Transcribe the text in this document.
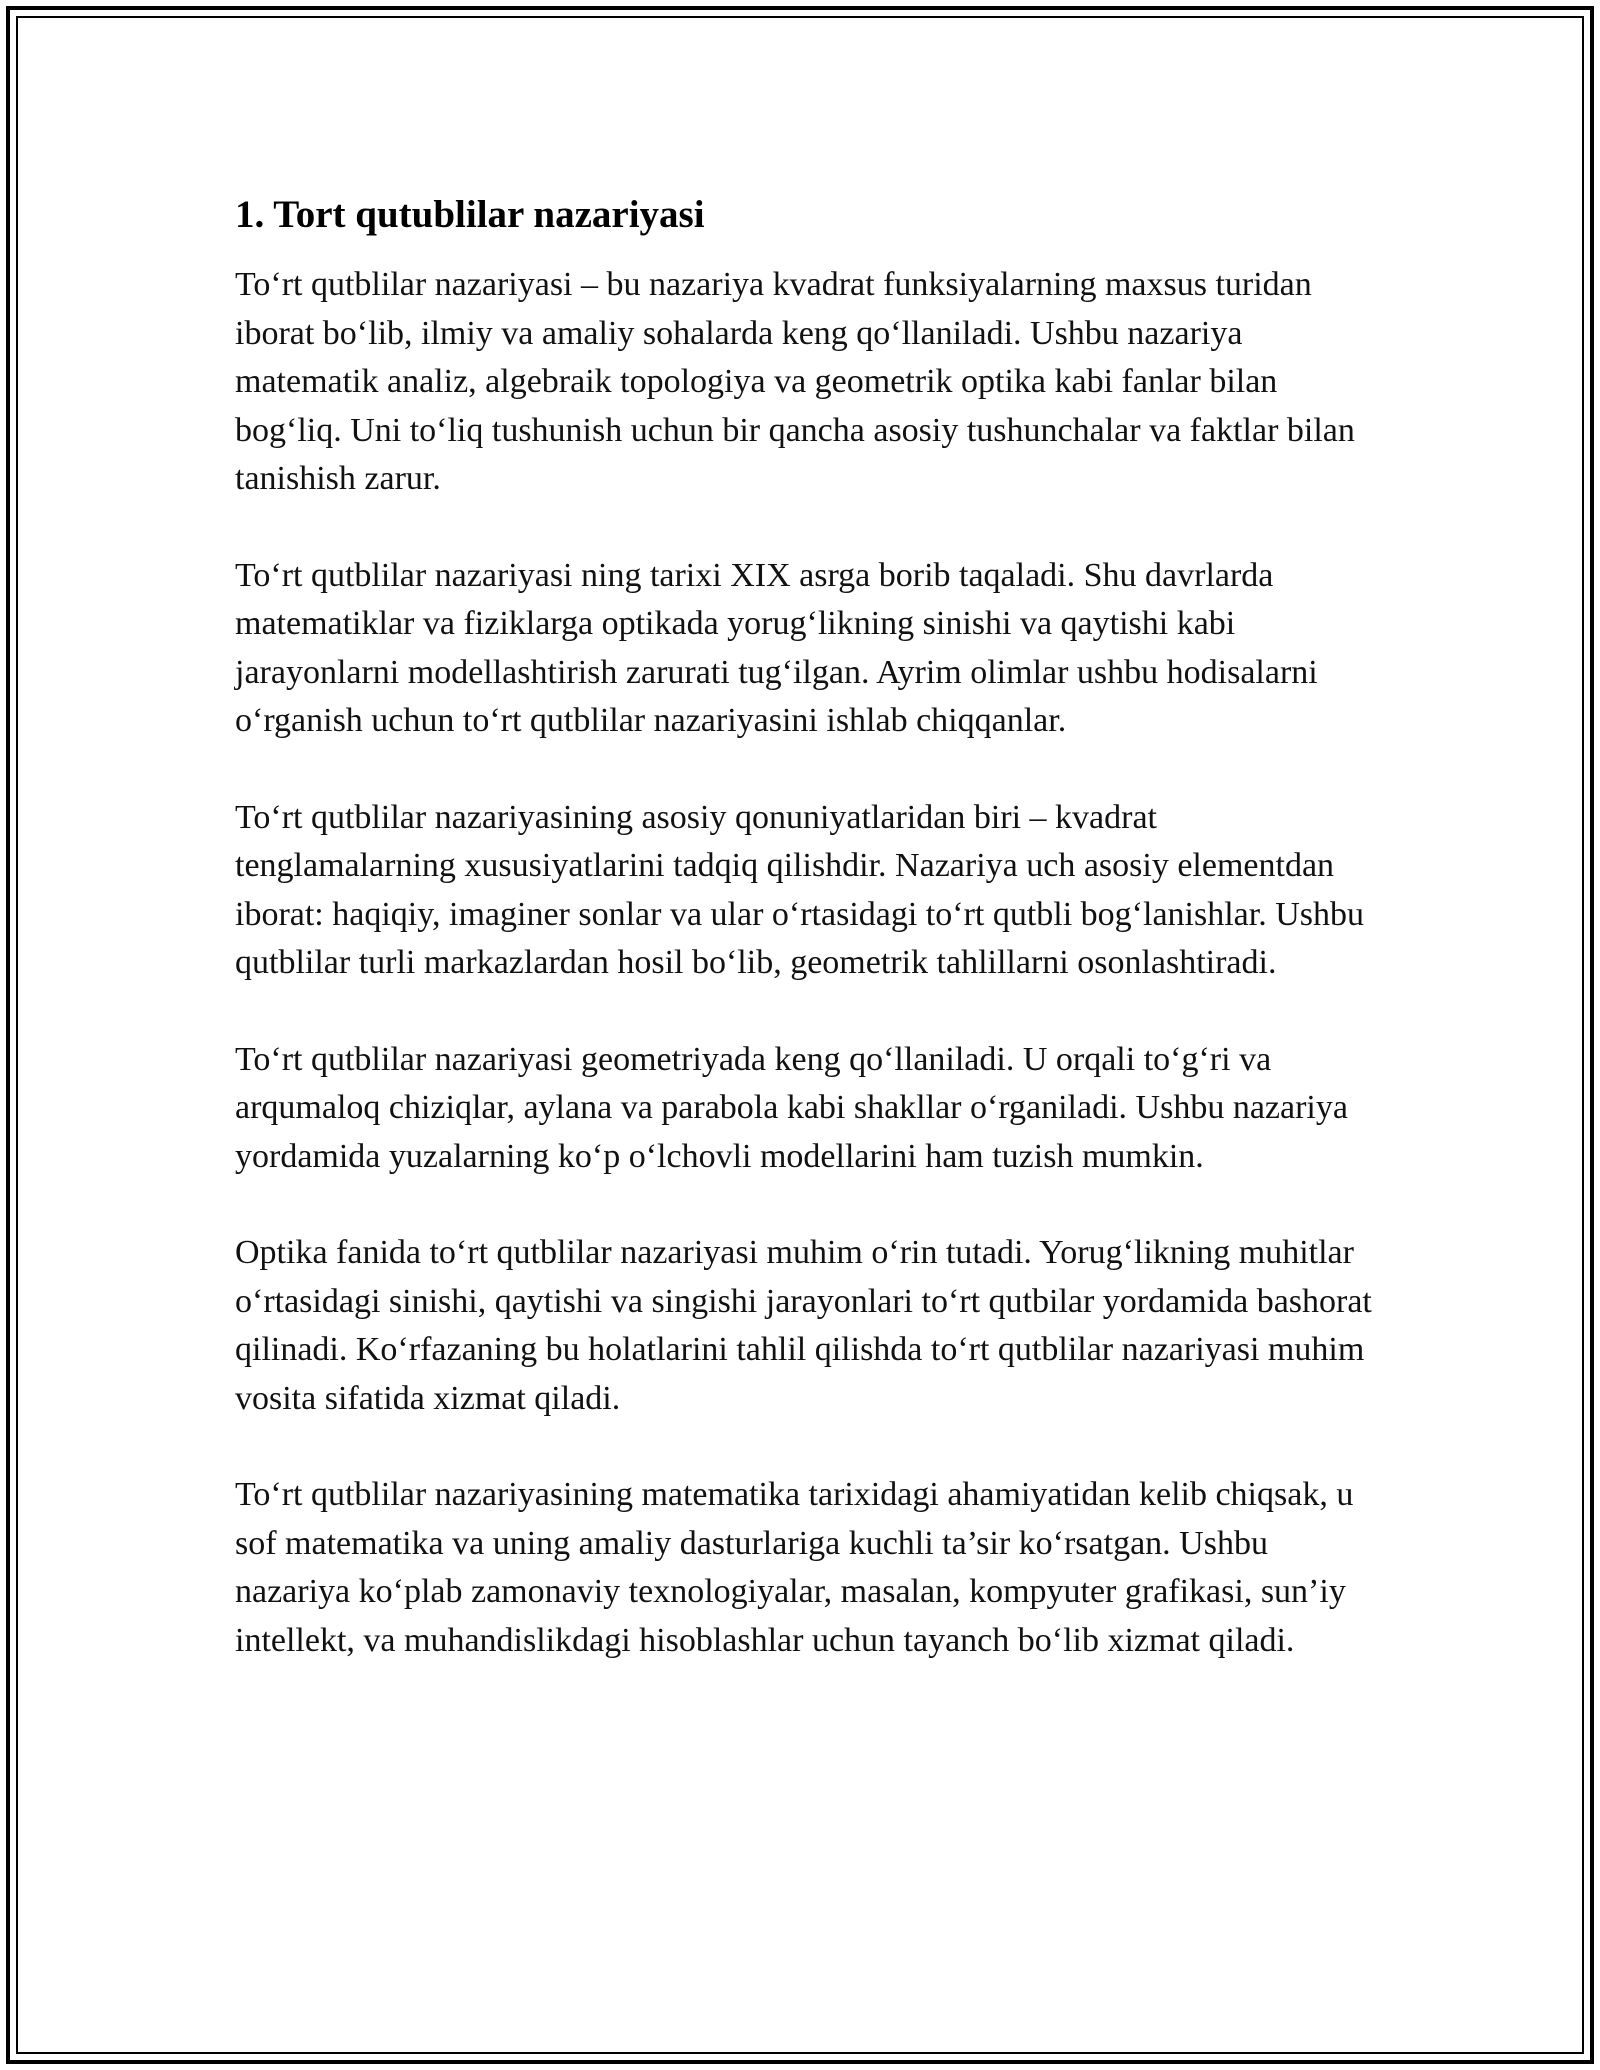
1. Tort qutublilar nazariyasi

To‘rt qutblilar nazariyasi – bu nazariya kvadrat funksiyalarning maxsus turidan iborat bo‘lib, ilmiy va amaliy sohalarda keng qo‘llaniladi. Ushbu nazariya matematik analiz, algebraik topologiya va geometrik optika kabi fanlar bilan bog‘liq. Uni to‘liq tushunish uchun bir qancha asosiy tushunchalar va faktlar bilan tanishish zarur.

To‘rt qutblilar nazariyasi ning tarixi XIX asrga borib taqaladi. Shu davrlarda matematiklar va fiziklarga optikada yorug‘likning sinishi va qaytishi kabi jarayonlarni modellashtirish zarurati tug‘ilgan. Ayrim olimlar ushbu hodisalarni o‘rganish uchun to‘rt qutblilar nazariyasini ishlab chiqqanlar.

To‘rt qutblilar nazariyasining asosiy qonuniyatlaridan biri – kvadrat tenglamalarning xususiyatlarini tadqiq qilishdir. Nazariya uch asosiy elementdan iborat: haqiqiy, imaginer sonlar va ular o‘rtasidagi to‘rt qutbli bog‘lanishlar. Ushbu qutblilar turli markazlardan hosil bo‘lib, geometrik tahlillarni osonlashtiradi.

To‘rt qutblilar nazariyasi geometriyada keng qo‘llaniladi. U orqali to‘g‘ri va arqumaloq chiziqlar, aylana va parabola kabi shakllar o‘rganiladi. Ushbu nazariya yordamida yuzalarning ko‘p o‘lchovli modellarini ham tuzish mumkin.

Optika fanida to‘rt qutblilar nazariyasi muhim o‘rin tutadi. Yorug‘likning muhitlar o‘rtasidagi sinishi, qaytishi va singishi jarayonlari to‘rt qutbilar yordamida bashorat qilinadi. Ko‘rfazaning bu holatlarini tahlil qilishda to‘rt qutblilar nazariyasi muhim vosita sifatida xizmat qiladi.

To‘rt qutblilar nazariyasining matematika tarixidagi ahamiyatidan kelib chiqsak, u sof matematika va uning amaliy dasturlariga kuchli ta’sir ko‘rsatgan. Ushbu nazariya ko‘plab zamonaviy texnologiyalar, masalan, kompyuter grafikasi, sun’iy intellekt, va muhandislikdagi hisoblashlar uchun tayanch bo‘lib xizmat qiladi.
